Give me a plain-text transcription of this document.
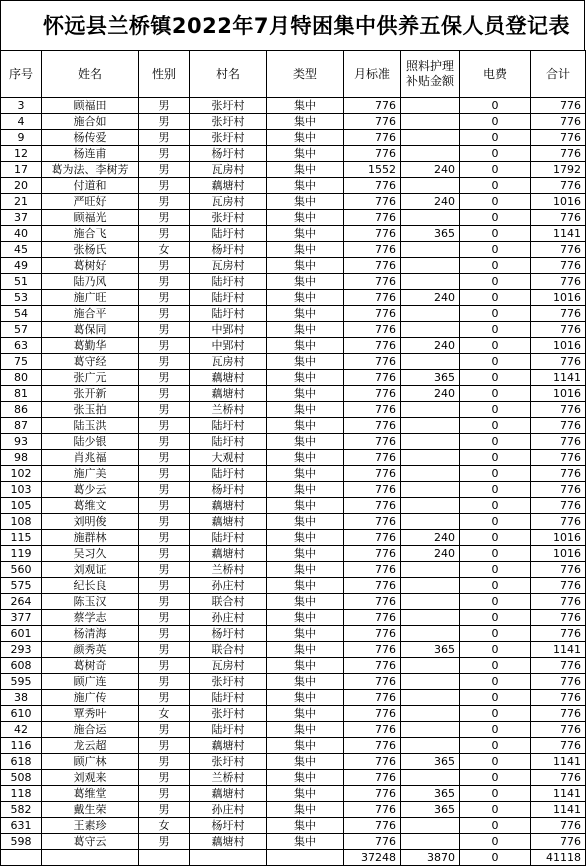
怀远县兰桥镇2022年7月特困集中供养五保人员登记表
序号	姓名	性别	村名	类型	月标准	照料护理
补贴金额	电费	合计
3	顾福田	男	张圩村	集中	776		0	776
4	施合如	男	张圩村	集中	776		0	776
9	杨传爱	男	张圩村	集中	776		0	776
12	杨连甫	男	杨圩村	集中	776		0	776
17	葛为法、李树芳	男	瓦房村	集中	1552	240	0	1792
20	付道和	男	藕塘村	集中	776		0	776
21	严旺好	男	瓦房村	集中	776	240	0	1016
37	顾福光	男	张圩村	集中	776		0	776
40	施合飞	男	陆圩村	集中	776	365	0	1141
45	张杨氏	女	杨圩村	集中	776		0	776
49	葛树好	男	瓦房村	集中	776		0	776
51	陆乃风	男	陆圩村	集中	776		0	776
53	施广旺	男	陆圩村	集中	776	240	0	1016
54	施合平	男	陆圩村	集中	776		0	776
57	葛保同	男	中郢村	集中	776		0	776
63	葛勤华	男	中郢村	集中	776	240	0	1016
75	葛守经	男	瓦房村	集中	776		0	776
80	张广元	男	藕塘村	集中	776	365	0	1141
81	张开新	男	藕塘村	集中	776	240	0	1016
86	张玉拍	男	兰桥村	集中	776		0	776
87	陆玉洪	男	陆圩村	集中	776		0	776
93	陆少银	男	陆圩村	集中	776		0	776
98	肖兆福	男	大观村	集中	776		0	776
102	施广美	男	陆圩村	集中	776		0	776
103	葛少云	男	杨圩村	集中	776		0	776
105	葛维文	男	藕塘村	集中	776		0	776
108	刘明俊	男	藕塘村	集中	776		0	776
115	施群林	男	陆圩村	集中	776	240	0	1016
119	吴习久	男	藕塘村	集中	776	240	0	1016
560	刘观证	男	兰桥村	集中	776		0	776
575	纪长良	男	孙庄村	集中	776		0	776
264	陈玉汉	男	联合村	集中	776		0	776
377	蔡学志	男	孙庄村	集中	776		0	776
601	杨清海	男	杨圩村	集中	776		0	776
293	颜秀英	男	联合村	集中	776	365	0	1141
608	葛树奇	男	瓦房村	集中	776		0	776
595	顾广连	男	张圩村	集中	776		0	776
38	施广传	男	陆圩村	集中	776		0	776
610	覃秀叶	女	张圩村	集中	776		0	776
42	施合运	男	陆圩村	集中	776		0	776
116	龙云超	男	藕塘村	集中	776		0	776
618	顾广林	男	张圩村	集中	776	365	0	1141
508	刘观来	男	兰桥村	集中	776		0	776
118	葛维堂	男	藕塘村	集中	776	365	0	1141
582	戴生荣	男	孙庄村	集中	776	365	0	1141
631	王素珍	女	杨圩村	集中	776		0	776
598	葛守云	男	藕塘村	集中	776		0	776
					37248	3870	0	41118
